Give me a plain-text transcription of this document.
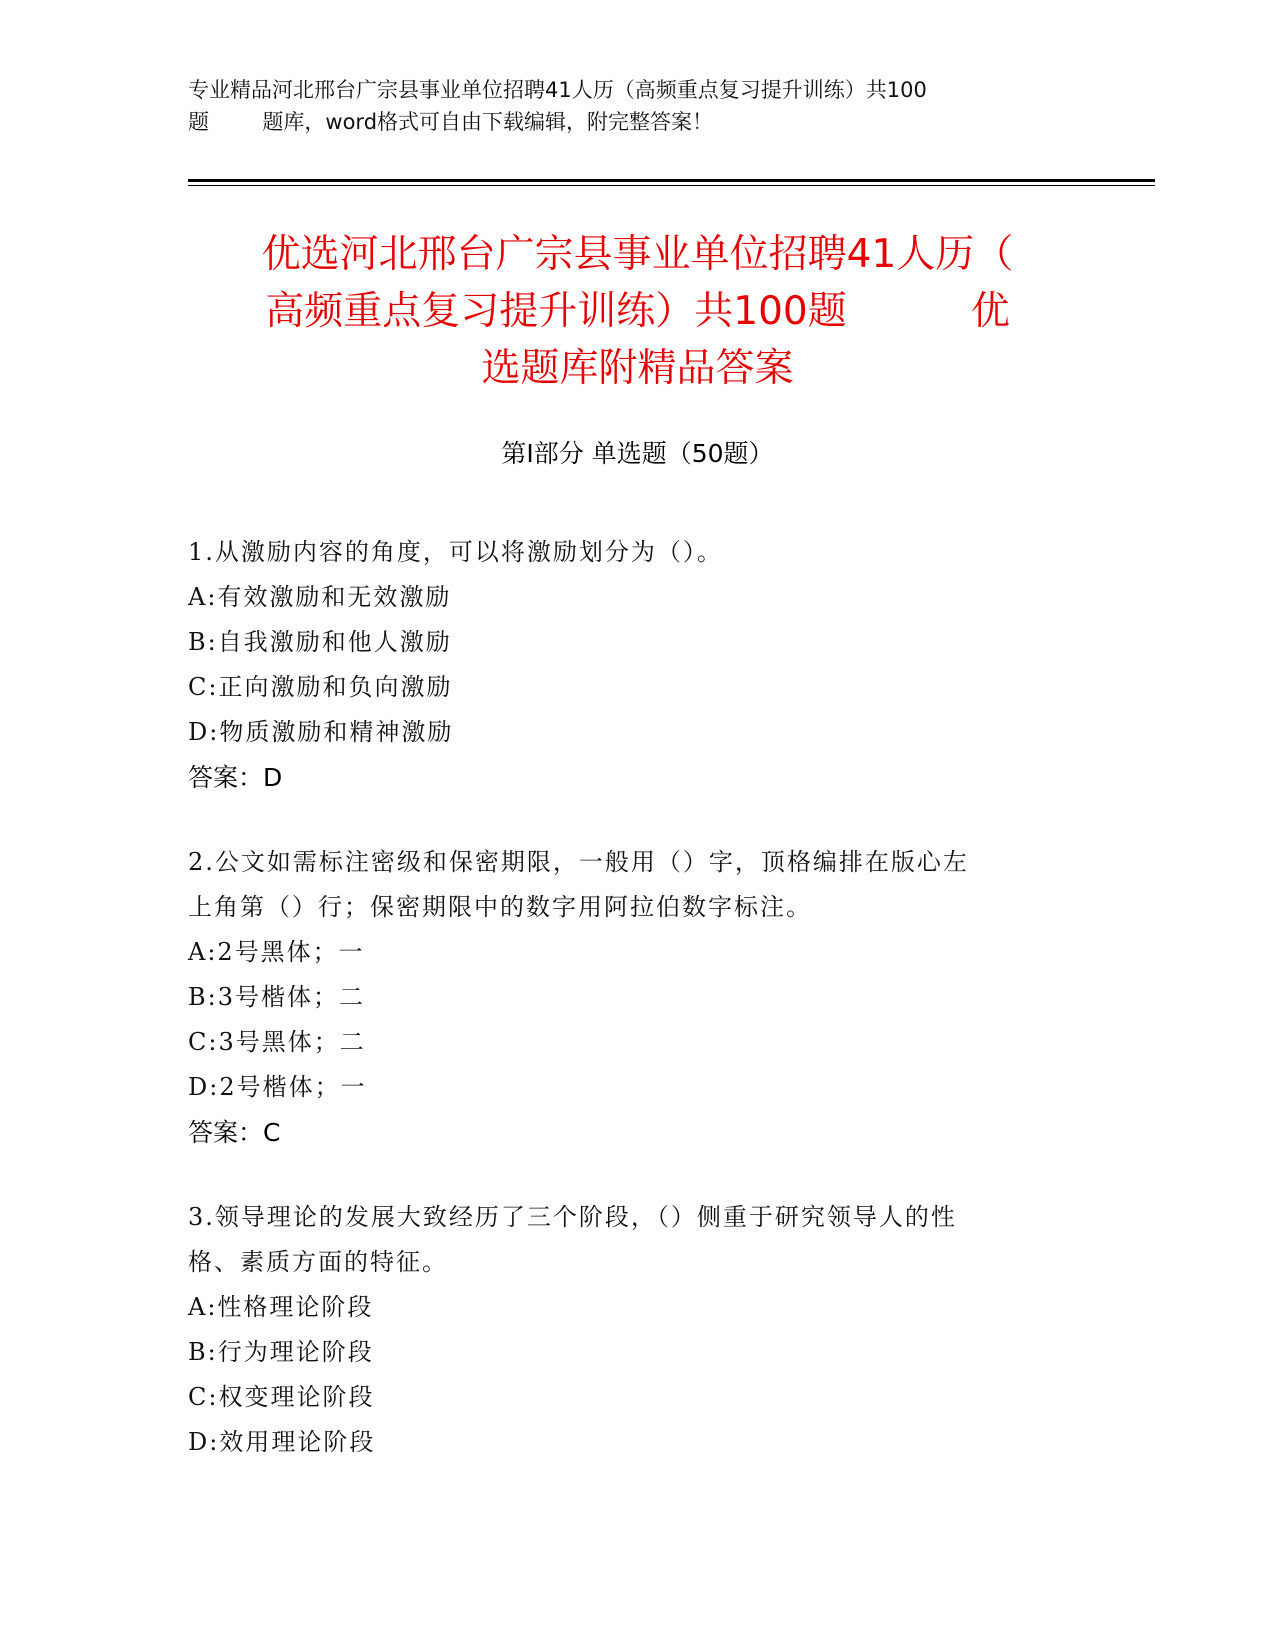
专业精品河北邢台广宗县事业单位招聘41人历（高频重点复习提升训练）共100
题        题库，word格式可自由下载编辑，附完整答案！
优选河北邢台广宗县事业单位招聘41人历（
高频重点复习提升训练）共100题          优
选题库附精品答案
第Ⅰ部分 单选题（50题）
1.从激励内容的角度，可以将激励划分为（）。
A:有效激励和无效激励
B:自我激励和他人激励
C:正向激励和负向激励
D:物质激励和精神激励
答案：D
2.公文如需标注密级和保密期限，一般用（）字，顶格编排在版心左
上角第（）行；保密期限中的数字用阿拉伯数字标注。
A:2号黑体；一
B:3号楷体；二
C:3号黑体；二
D:2号楷体；一
答案：C
3.领导理论的发展大致经历了三个阶段，（）侧重于研究领导人的性
格、素质方面的特征。
A:性格理论阶段
B:行为理论阶段
C:权变理论阶段
D:效用理论阶段
